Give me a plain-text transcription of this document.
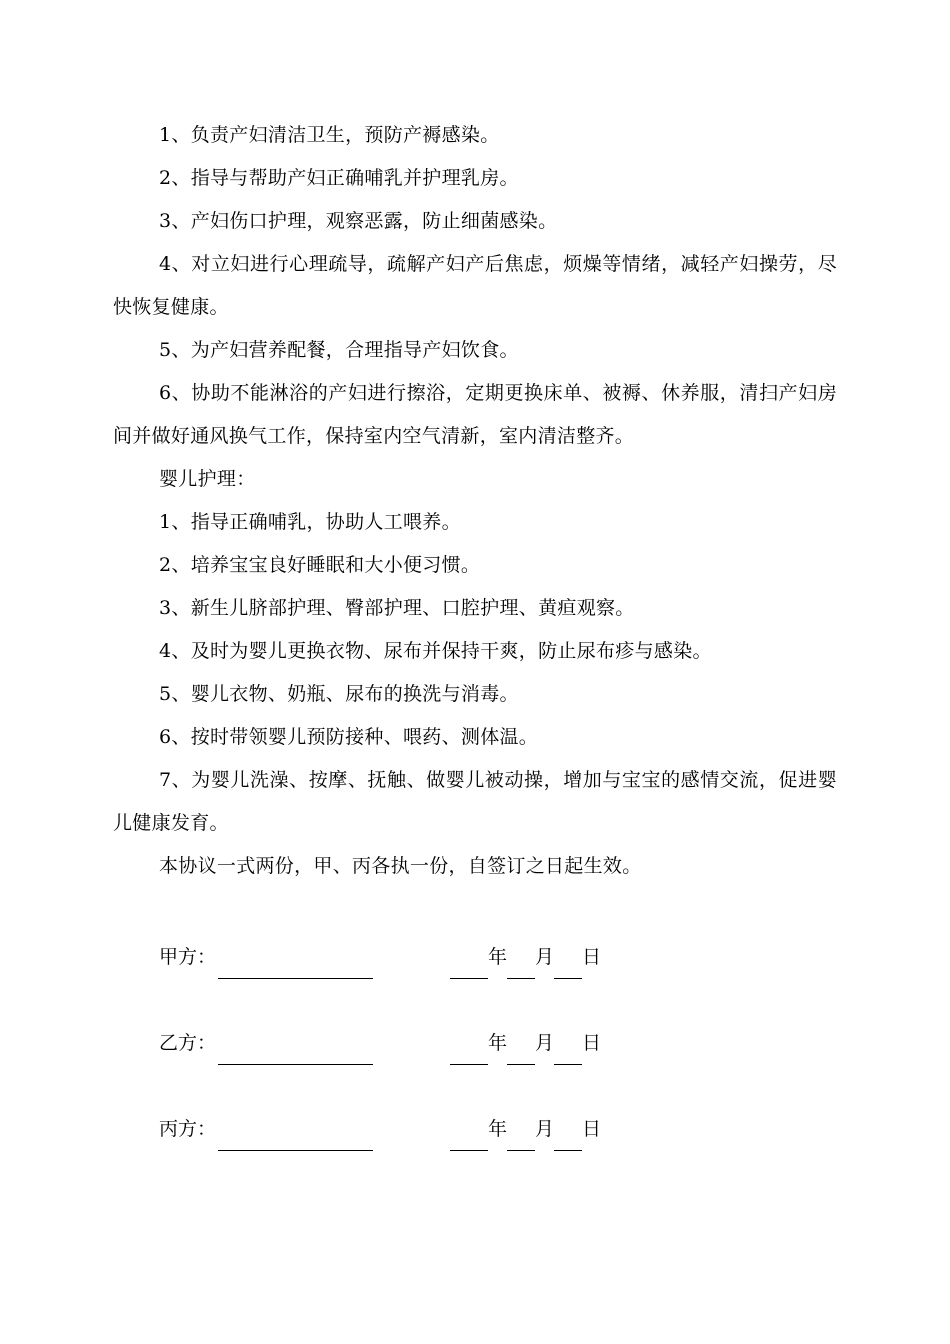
1、负责产妇清洁卫生，预防产褥感染。

2、指导与帮助产妇正确哺乳并护理乳房。

3、产妇伤口护理，观察恶露，防止细菌感染。

4、对立妇进行心理疏导，疏解产妇产后焦虑，烦燥等情绪，减轻产妇操劳，尽快恢复健康。

5、为产妇营养配餐，合理指导产妇饮食。

6、协助不能淋浴的产妇进行擦浴，定期更换床单、被褥、休养服，清扫产妇房间并做好通风换气工作，保持室内空气清新，室内清洁整齐。

婴儿护理：

1、指导正确哺乳，协助人工喂养。

2、培养宝宝良好睡眠和大小便习惯。

3、新生儿脐部护理、臀部护理、口腔护理、黄疸观察。

4、及时为婴儿更换衣物、尿布并保持干爽，防止尿布疹与感染。

5、婴儿衣物、奶瓶、尿布的换洗与消毒。

6、按时带领婴儿预防接种、喂药、测体温。

7、为婴儿洗澡、按摩、抚触、做婴儿被动操，增加与宝宝的感情交流，促进婴儿健康发育。

本协议一式两份，甲、丙各执一份，自签订之日起生效。

甲方：	年 月 日
乙方：	年 月 日
丙方：	年 月 日
